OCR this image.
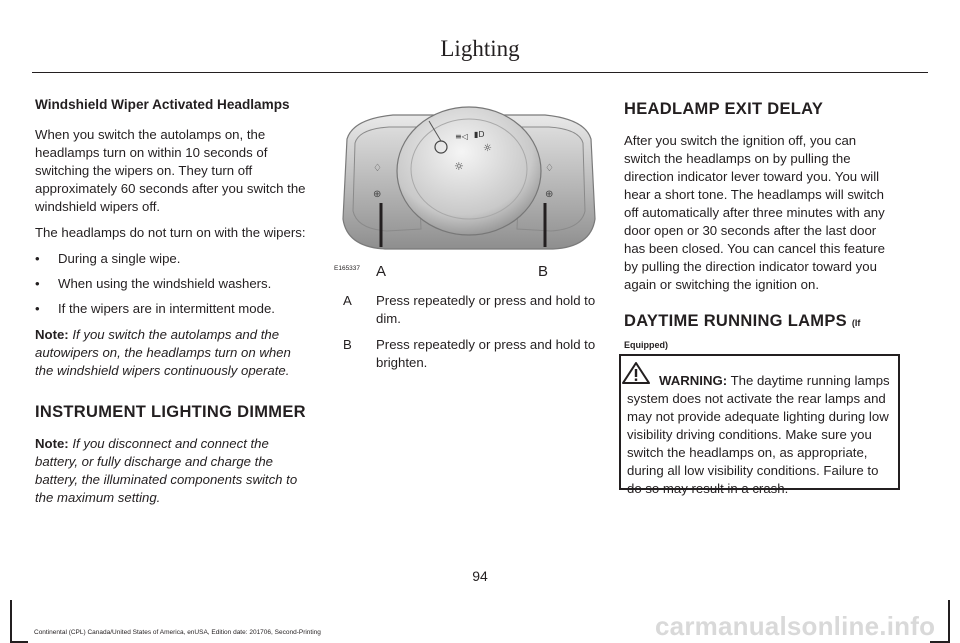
Lighting
Windshield Wiper Activated Headlamps

When you switch the autolamps on, the headlamps turn on within 10 seconds of switching the wipers on. They turn off approximately 60 seconds after you switch the windshield wipers off.

The headlamps do not turn on with the wipers:

• During a single wipe.
• When using the windshield washers.
• If the wipers are in intermittent mode.

Note: If you switch the autolamps and the autowipers on, the headlamps turn on when the windshield wipers continuously operate.

INSTRUMENT LIGHTING DIMMER

Note: If you disconnect and connect the battery, or fully discharge and charge the battery, the illuminated components switch to the maximum setting.

≡◁ ▮D
☼
☼
♢
⊕
♢
⊕
A	B
E165337
A	Press repeatedly or press and hold to dim.
B	Press repeatedly or press and hold to brighten.
HEADLAMP EXIT DELAY

After you switch the ignition off, you can switch the headlamps on by pulling the direction indicator lever toward you. You will hear a short tone. The headlamps will switch off automatically after three minutes with any door open or 30 seconds after the last door has been closed. You can cancel this feature by pulling the direction indicator toward you again or switching the ignition on.

DAYTIME RUNNING LAMPS (If
Equipped)
WARNING: The daytime running lamps system does not activate the rear lamps and may not provide adequate lighting during low visibility driving conditions. Make sure you switch the headlamps on, as appropriate, during all low visibility conditions. Failure to do so may result in a crash.
94
Continental (CPL) Canada/United States of America, enUSA, Edition date: 201706, Second-Printing	carmanualsonline.info
